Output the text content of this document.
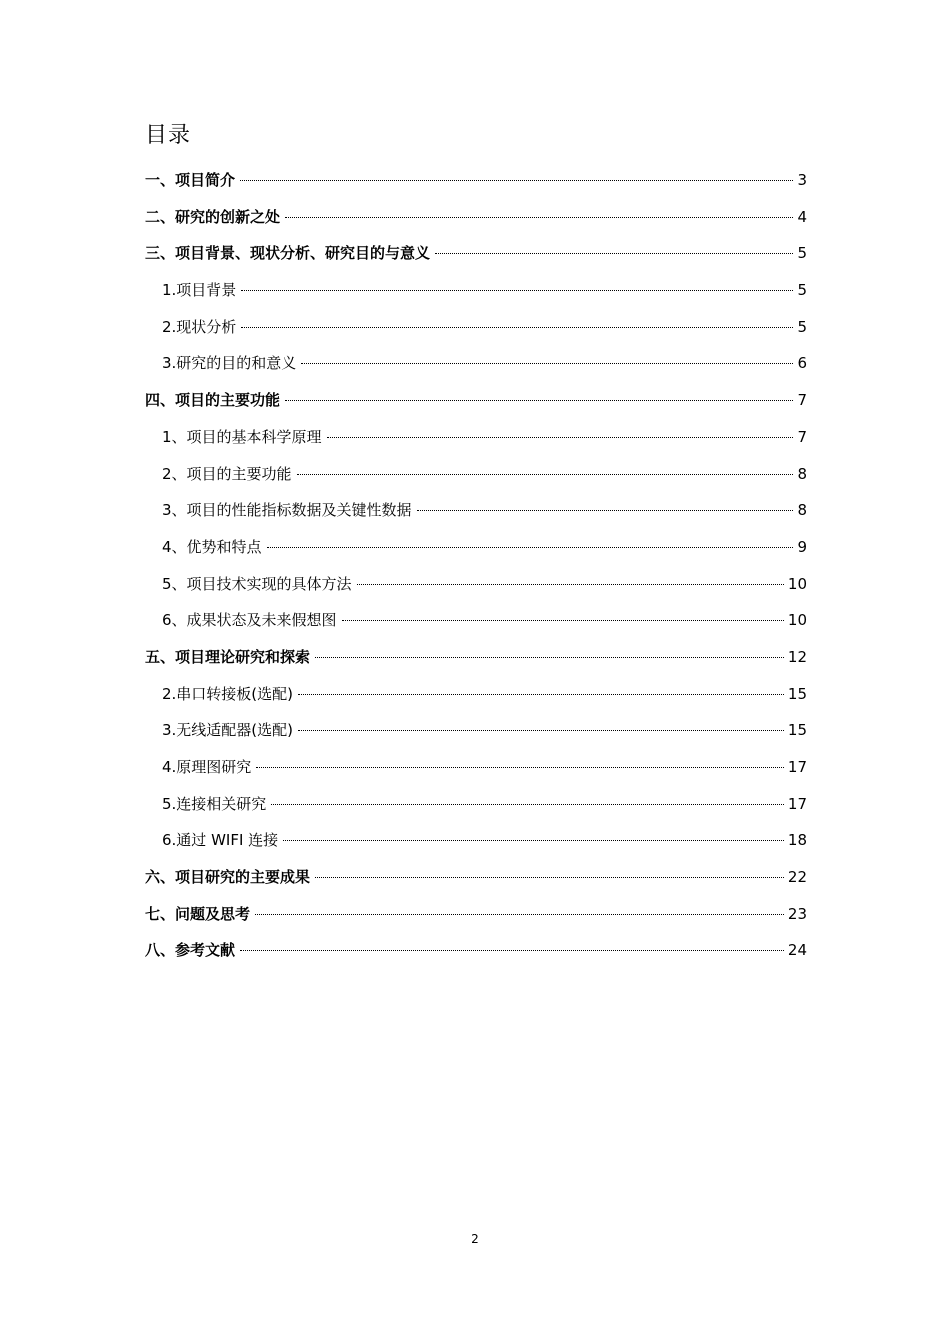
目录
一、项目简介	3
二、研究的创新之处	4
三、项目背景、现状分析、研究目的与意义	5
1.项目背景	5
2.现状分析	5
3.研究的目的和意义	6
四、项目的主要功能	7
1、项目的基本科学原理	7
2、项目的主要功能	8
3、项目的性能指标数据及关键性数据	8
4、优势和特点	9
5、项目技术实现的具体方法	10
6、成果状态及未来假想图	10
五、项目理论研究和探索	12
2.串口转接板(选配)	15
3.无线适配器(选配)	15
4.原理图研究	17
5.连接相关研究	17
6.通过 WIFI 连接	18
六、项目研究的主要成果	22
七、问题及思考	23
八、参考文献	24
2
